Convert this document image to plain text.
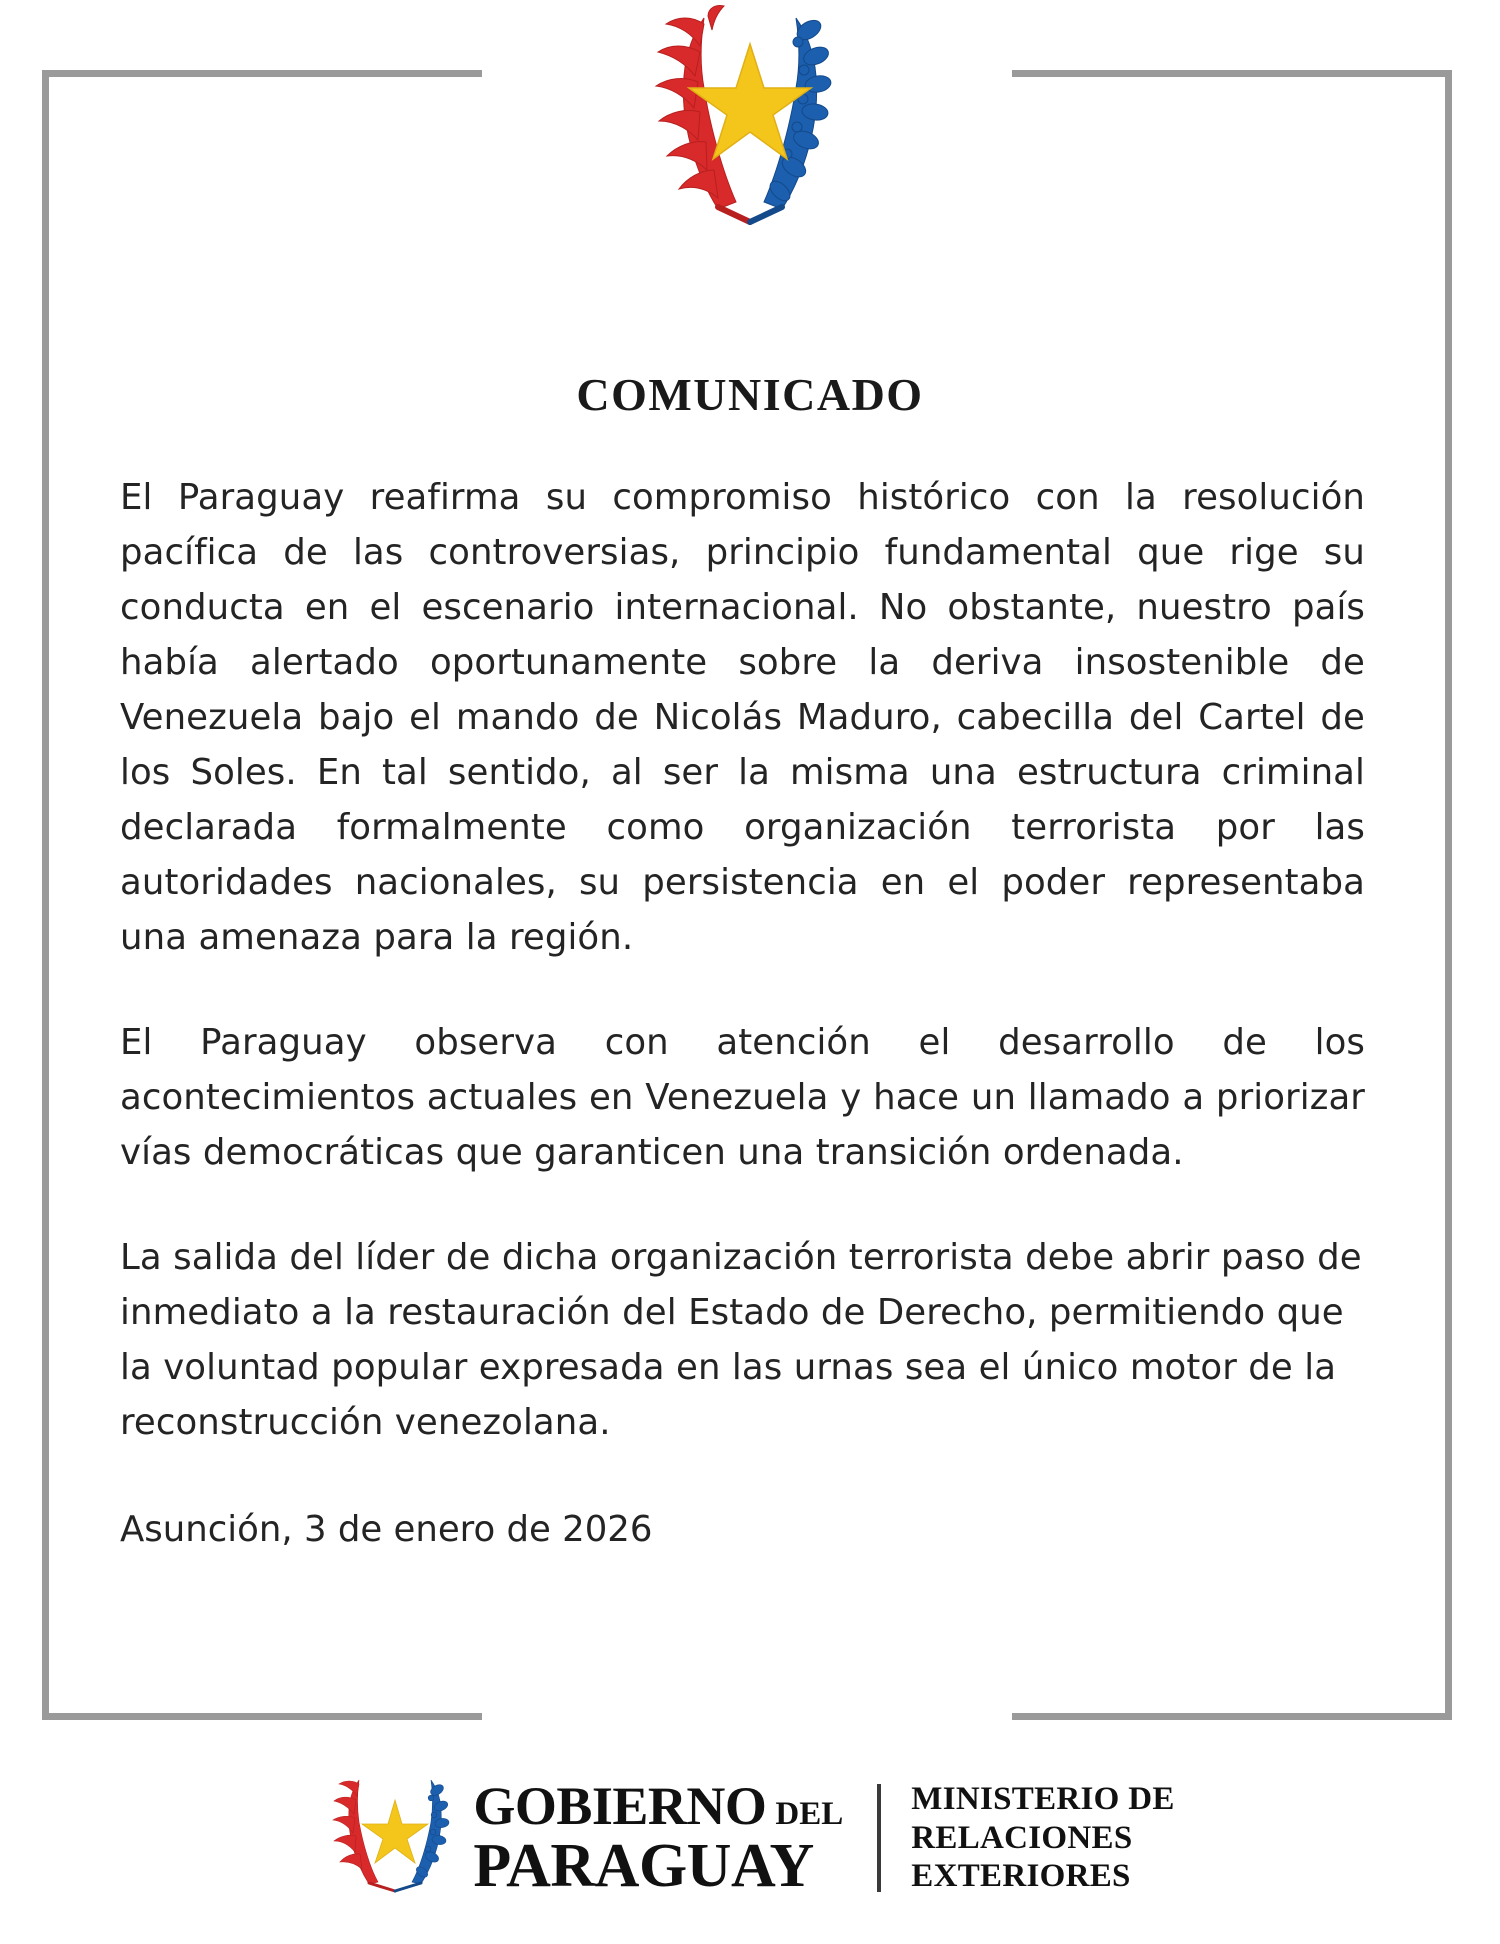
COMUNICADO

El Paraguay reafirma su compromiso histórico con la resolución pacífica de las controversias, principio fundamental que rige su conducta en el escenario internacional. No obstante, nuestro país había alertado oportunamente sobre la deriva insostenible de Venezuela bajo el mando de Nicolás Maduro, cabecilla del Cartel de los Soles. En tal sentido, al ser la misma una estructura criminal declarada formalmente como organización terrorista por las autoridades nacionales, su persistencia en el poder representaba una amenaza para la región.

El Paraguay observa con atención el desarrollo de los acontecimientos actuales en Venezuela y hace un llamado a priorizar vías democráticas que garanticen una transición ordenada.

La salida del líder de dicha organización terrorista debe abrir paso de inmediato a la restauración del Estado de Derecho, permitiendo que la voluntad popular expresada en las urnas sea el único motor de la reconstrucción venezolana.

Asunción, 3 de enero de 2026

GOBIERNO DEL
PARAGUAY
MINISTERIO DE
RELACIONES
EXTERIORES
